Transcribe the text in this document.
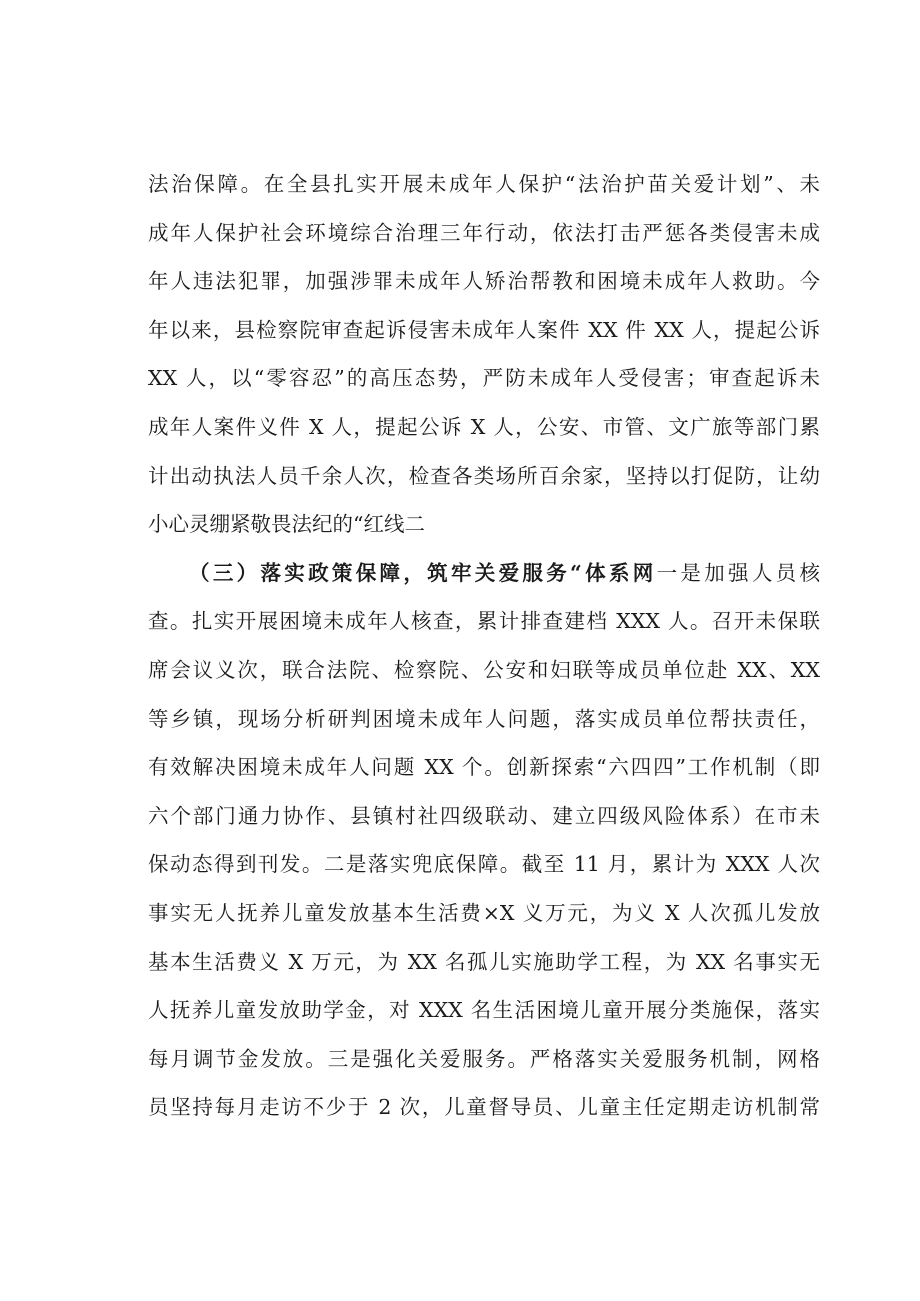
法治保障。在全县扎实开展未成年人保护“法治护苗关爱计划”、未
成年人保护社会环境综合治理三年行动，依法打击严惩各类侵害未成
年人违法犯罪，加强涉罪未成年人矫治帮教和困境未成年人救助。今
年以来，县检察院审查起诉侵害未成年人案件 XX 件 XX 人，提起公诉
XX 人，以“零容忍”的高压态势，严防未成年人受侵害；审查起诉未
成年人案件义件 X 人，提起公诉 X 人，公安、市管、文广旅等部门累
计出动执法人员千余人次，检查各类场所百余家，坚持以打促防，让幼
小心灵绷紧敬畏法纪的“红线二
（三）落实政策保障，筑牢关爱服务“体系网一是加强人员核
查。扎实开展困境未成年人核查，累计排查建档 XXX 人。召开未保联
席会议义次，联合法院、检察院、公安和妇联等成员单位赴 XX、XX
等乡镇，现场分析研判困境未成年人问题，落实成员单位帮扶责任，
有效解决困境未成年人问题 XX 个。创新探索“六四四”工作机制（即
六个部门通力协作、县镇村社四级联动、建立四级风险体系）在市未
保动态得到刊发。二是落实兜底保障。截至 11 月，累计为 XXX 人次
事实无人抚养儿童发放基本生活费×X 义万元，为义 X 人次孤儿发放
基本生活费义 X 万元，为 XX 名孤儿实施助学工程，为 XX 名事实无
人抚养儿童发放助学金，对 XXX 名生活困境儿童开展分类施保，落实
每月调节金发放。三是强化关爱服务。严格落实关爱服务机制，网格
员坚持每月走访不少于 2 次，儿童督导员、儿童主任定期走访机制常
